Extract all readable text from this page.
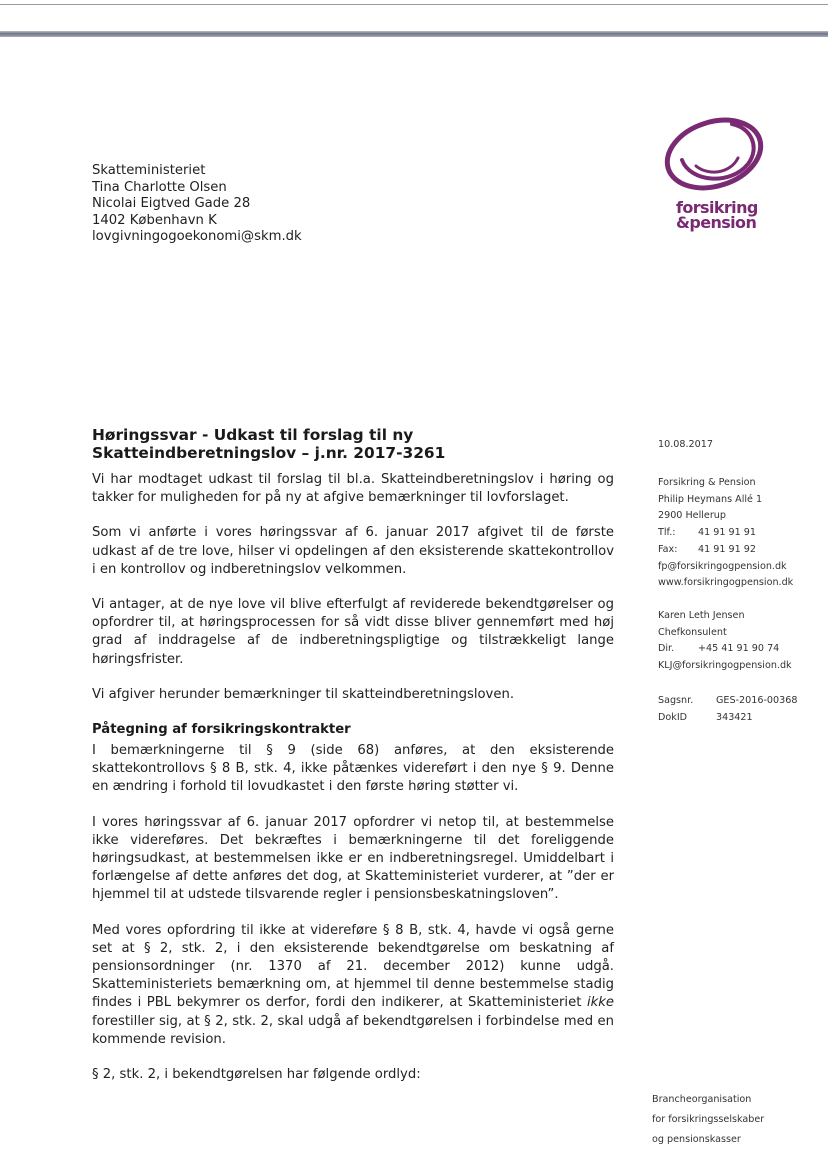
Skatteministeriet
Tina Charlotte Olsen
Nicolai Eigtved Gade 28
1402 København K
lovgivningogoekonomi@skm.dk
forsikring
&pension
Høringssvar - Udkast til forslag til ny Skatteindberetningslov – j.nr. 2017-3261
Vi har modtaget udkast til forslag til bl.a. Skatteindberetningslov i høring og takker for muligheden for på ny at afgive bemærkninger til lovforslaget.
Som vi anførte i vores høringssvar af 6. januar 2017 afgivet til de første udkast af de tre love, hilser vi opdelingen af den eksisterende skattekontrollov i en kontrollov og indberetningslov velkommen.
Vi antager, at de nye love vil blive efterfulgt af reviderede bekendtgørelser og opfordrer til, at høringsprocessen for så vidt disse bliver gennemført med høj grad af inddragelse af de indberetningspligtige og tilstrækkeligt lange høringsfrister.
Vi afgiver herunder bemærkninger til skatteindberetningsloven.
Påtegning af forsikringskontrakter
I bemærkningerne til § 9 (side 68) anføres, at den eksisterende skattekontrollovs § 8 B, stk. 4, ikke påtænkes videreført i den nye § 9. Denne en ændring i forhold til lovudkastet i den første høring støtter vi.
I vores høringssvar af 6. januar 2017 opfordrer vi netop til, at bestemmelse ikke videreføres. Det bekræftes i bemærkningerne til det foreliggende høringsudkast, at bestemmelsen ikke er en indberetningsregel. Umiddelbart i forlængelse af dette anføres det dog, at Skatteministeriet vurderer, at ”der er hjemmel til at udstede tilsvarende regler i pensionsbeskatningsloven”.
Med vores opfordring til ikke at videreføre § 8 B, stk. 4, havde vi også gerne set at § 2, stk. 2, i den eksisterende bekendtgørelse om beskatning af pensionsordninger (nr. 1370 af 21. december 2012) kunne udgå. Skatteministeriets bemærkning om, at hjemmel til denne bestemmelse stadig findes i PBL bekymrer os derfor, fordi den indikerer, at Skatteministeriet ikke forestiller sig, at § 2, stk. 2, skal udgå af bekendtgørelsen i forbindelse med en kommende revision.
§ 2, stk. 2, i bekendtgørelsen har følgende ordlyd:
10.08.2017
Forsikring & Pension
Philip Heymans Allé 1
2900 Hellerup
Tlf.:	41 91 91 91
Fax:	41 91 91 92
fp@forsikringogpension.dk
www.forsikringogpension.dk
Karen Leth Jensen
Chefkonsulent
Dir.	+45 41 91 90 74
KLJ@forsikringogpension.dk
Sagsnr.	GES-2016-00368
DokID	343421
Brancheorganisation
for forsikringsselskaber
og pensionskasser
